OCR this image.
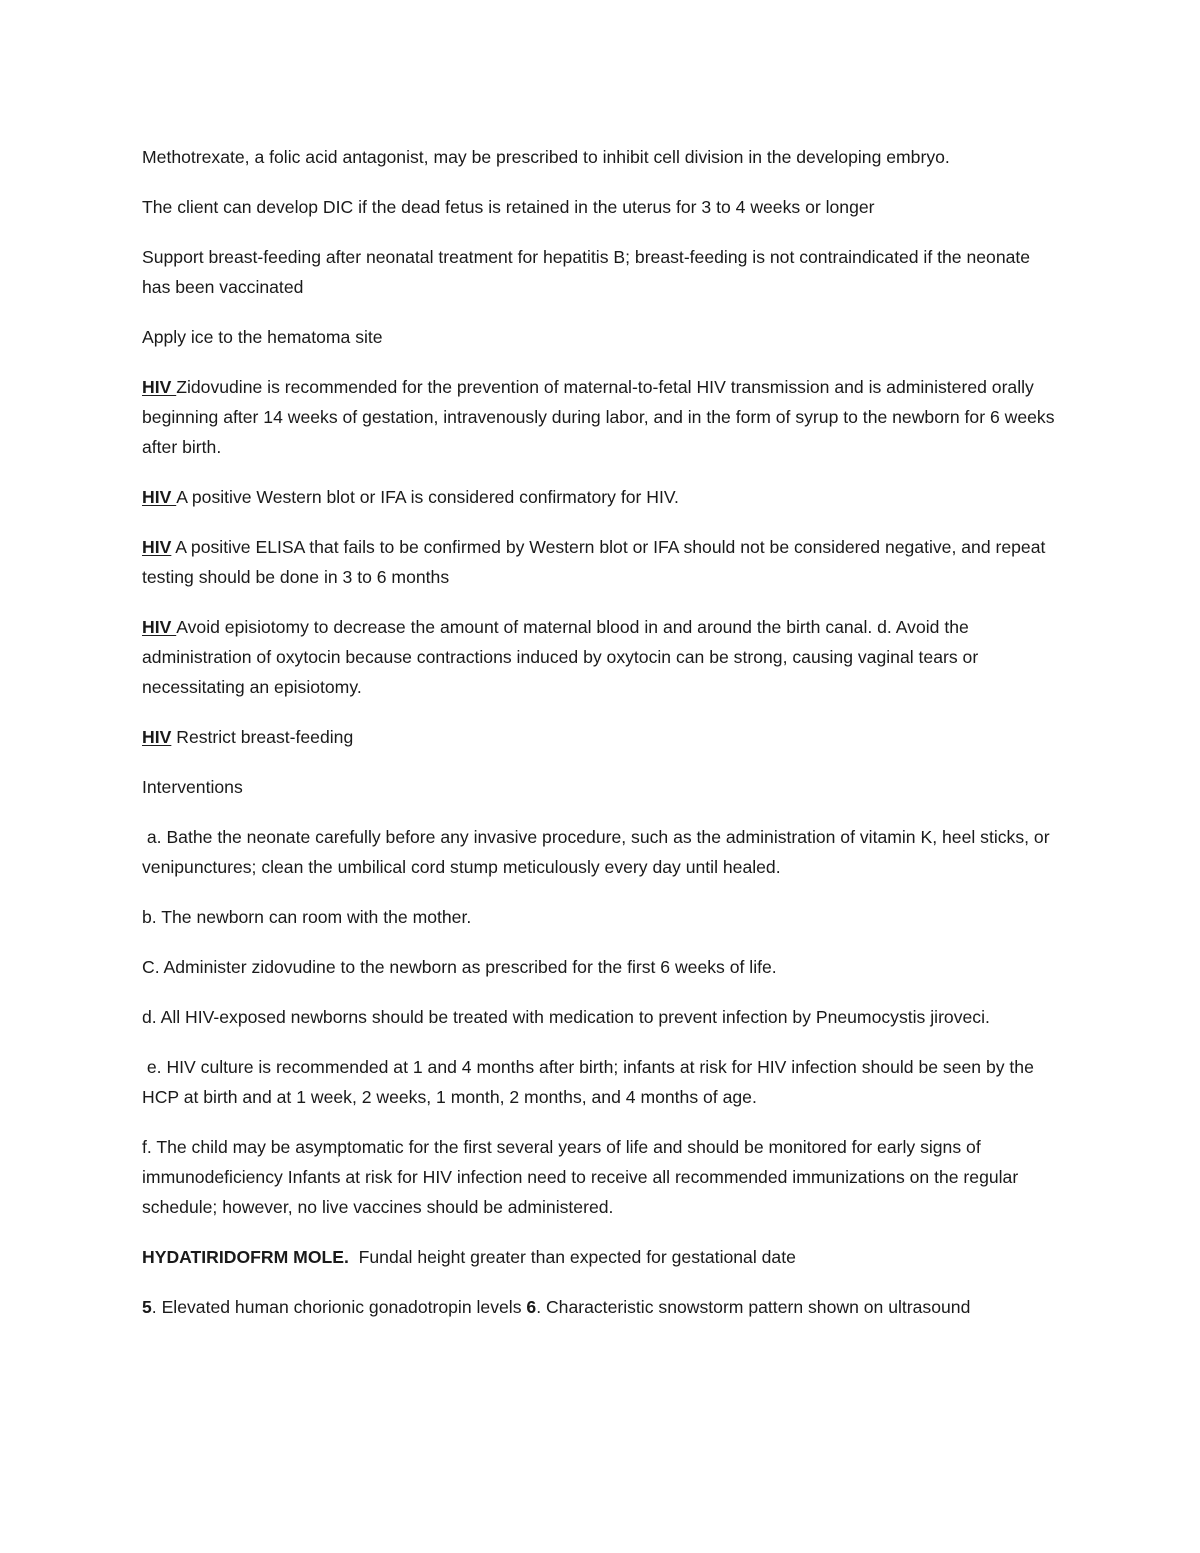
Methotrexate, a folic acid antagonist, may be prescribed to inhibit cell division in the developing embryo.

The client can develop DIC if the dead fetus is retained in the uterus for 3 to 4 weeks or longer

Support breast-feeding after neonatal treatment for hepatitis B; breast-feeding is not contraindicated if the neonate has been vaccinated

Apply ice to the hematoma site

HIV Zidovudine is recommended for the prevention of maternal-to-fetal HIV transmission and is administered orally beginning after 14 weeks of gestation, intravenously during labor, and in the form of syrup to the newborn for 6 weeks after birth.

HIV A positive Western blot or IFA is considered confirmatory for HIV.

HIV A positive ELISA that fails to be confirmed by Western blot or IFA should not be considered negative, and repeat testing should be done in 3 to 6 months

HIV Avoid episiotomy to decrease the amount of maternal blood in and around the birth canal. d. Avoid the administration of oxytocin because contractions induced by oxytocin can be strong, causing vaginal tears or necessitating an episiotomy.

HIV Restrict breast-feeding

Interventions

a. Bathe the neonate carefully before any invasive procedure, such as the administration of vitamin K, heel sticks, or venipunctures; clean the umbilical cord stump meticulously every day until healed.

b. The newborn can room with the mother.

C. Administer zidovudine to the newborn as prescribed for the first 6 weeks of life.

d. All HIV-exposed newborns should be treated with medication to prevent infection by Pneumocystis jiroveci.

e. HIV culture is recommended at 1 and 4 months after birth; infants at risk for HIV infection should be seen by the HCP at birth and at 1 week, 2 weeks, 1 month, 2 months, and 4 months of age.

f. The child may be asymptomatic for the first several years of life and should be monitored for early signs of immunodeficiency Infants at risk for HIV infection need to receive all recommended immunizations on the regular schedule; however, no live vaccines should be administered.

HYDATIRIDOFRM MOLE.  Fundal height greater than expected for gestational date

5. Elevated human chorionic gonadotropin levels 6. Characteristic snowstorm pattern shown on ultrasound
